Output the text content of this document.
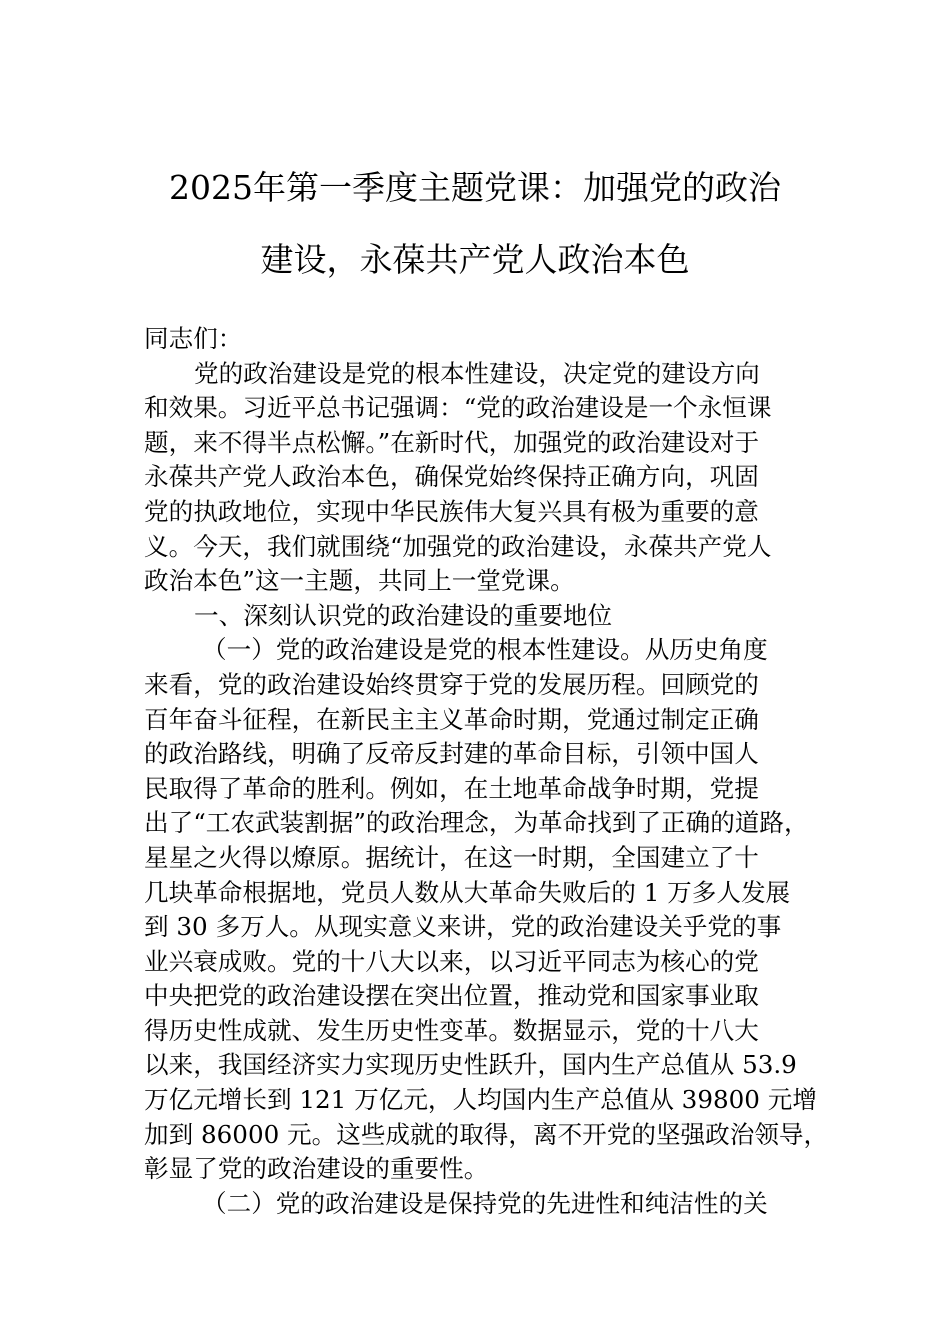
2025年第一季度主题党课：加强党的政治
建设，永葆共产党人政治本色
同志们：
党的政治建设是党的根本性建设，决定党的建设方向
和效果。习近平总书记强调：“党的政治建设是一个永恒课
题，来不得半点松懈。”在新时代，加强党的政治建设对于
永葆共产党人政治本色，确保党始终保持正确方向，巩固
党的执政地位，实现中华民族伟大复兴具有极为重要的意
义。今天，我们就围绕“加强党的政治建设，永葆共产党人
政治本色”这一主题，共同上一堂党课。
一、深刻认识党的政治建设的重要地位
（一）党的政治建设是党的根本性建设。从历史角度
来看，党的政治建设始终贯穿于党的发展历程。回顾党的
百年奋斗征程，在新民主主义革命时期，党通过制定正确
的政治路线，明确了反帝反封建的革命目标，引领中国人
民取得了革命的胜利。例如，在土地革命战争时期，党提
出了“工农武装割据”的政治理念，为革命找到了正确的道路，
星星之火得以燎原。据统计，在这一时期，全国建立了十
几块革命根据地，党员人数从大革命失败后的 1 万多人发展
到 30 多万人。从现实意义来讲，党的政治建设关乎党的事
业兴衰成败。党的十八大以来，以习近平同志为核心的党
中央把党的政治建设摆在突出位置，推动党和国家事业取
得历史性成就、发生历史性变革。数据显示，党的十八大
以来，我国经济实力实现历史性跃升，国内生产总值从 53.9
万亿元增长到 121 万亿元，人均国内生产总值从 39800 元增
加到 86000 元。这些成就的取得，离不开党的坚强政治领导，
彰显了党的政治建设的重要性。
（二）党的政治建设是保持党的先进性和纯洁性的关
